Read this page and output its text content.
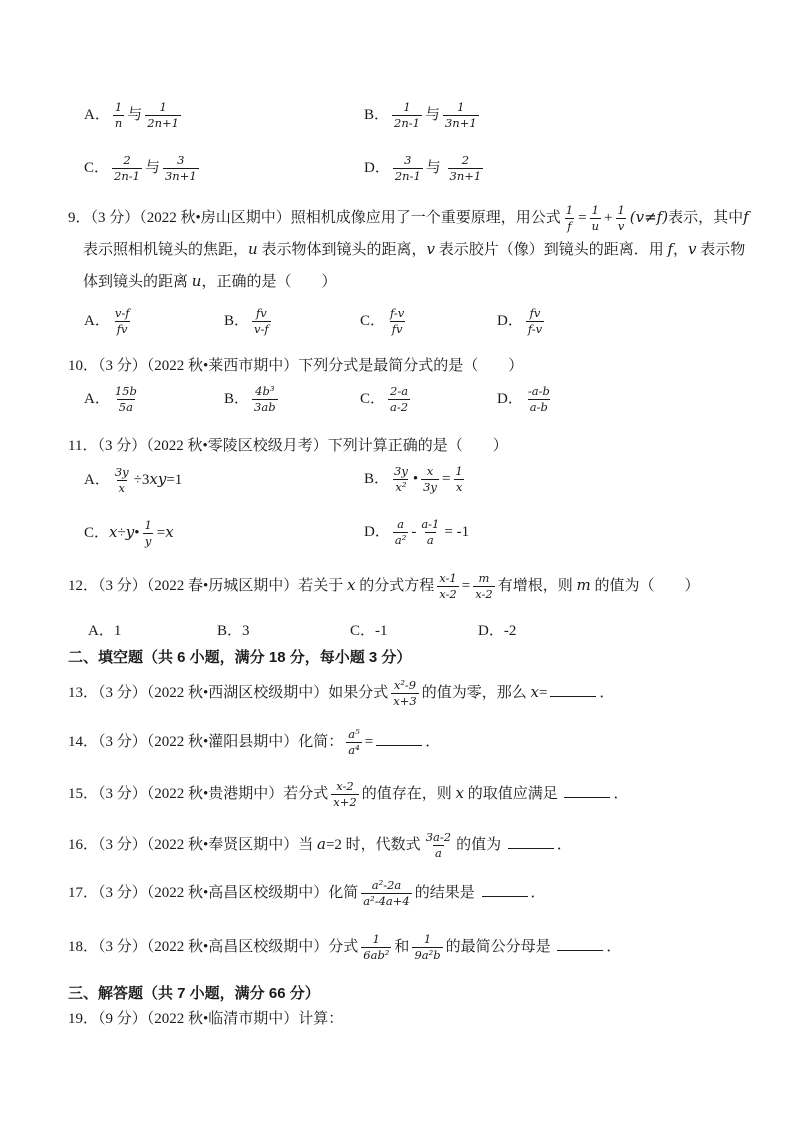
A． $\frac{1}{n}$ 与 $\frac{1}{2n+1}$	B． $\frac{1}{2n-1}$ 与 $\frac{1}{3n+1}$
C． $\frac{2}{2n-1}$ 与 $\frac{3}{3n+1}$	D． $\frac{3}{2n-1}$ 与 $\frac{2}{3n+1}$
9．（3 分）（2022 秋•房山区期中）照相机成像应用了一个重要原理，用公式 $\frac{1}{f} = \frac{1}{u} + \frac{1}{v} (v\ne f)$表示，其中f 表示照相机镜头的焦距，u 表示物体到镜头的距离，v 表示胶片（像）到镜头的距离．用 f，v 表示物体到镜头的距离 u，正确的是（　　）
A． $\frac{v-f}{fv}$	B． $\frac{fv}{v-f}$	C． $\frac{f-v}{fv}$	D． $\frac{fv}{f-v}$
10．（3 分）（2022 秋•莱西市期中）下列分式是最简分式的是（　　）
A． $\frac{15b}{5a}$	B． $\frac{\text{4b³}}{3ab}$	C． $\frac{2-a}{a-2}$	D． $\frac{-a-b}{a-b}$
11．（3 分）（2022 秋•零陵区校级月考）下列计算正确的是（　　）
A． $\frac{3y}{x} \div 3xy=1$	B． $\frac{3y}{\text{x²}}$ • $\frac{x}{3y} = \frac{1}{x}$
C．x÷y• $\frac{1}{y} =x$	D． $\frac{a}{\text{a²}} - \frac{a-1}{a} = -1$
12．（3 分）（2022 春•历城区期中）若关于 x 的分式方程 $\frac{x-1}{x-2} = \frac{m}{x-2}$ 有增根，则 m 的值为（　　）
A．1	B．3	C．-1	D．-2
二、填空题（共 6 小题，满分 18 分，每小题 3 分）
13．（3 分）（2022 秋•西湖区校级期中）如果分式 $\frac{\text{x²-9}}{x+3}$ 的值为零，那么 x=	．
14．（3 分）（2022 秋•灌阳县期中）化简： $\frac{\text{a⁵}}{\text{a⁴}}$ =	．
15．（3 分）（2022 秋•贵港期中）若分式 $\frac{x-2}{x+2}$ 的值存在，则 x 的取值应满足	．
16．（3 分）（2022 秋•奉贤区期中）当 a=2 时，代数式 $\frac{3a-2}{a}$ 的值为	．
17．（3 分）（2022 秋•高昌区校级期中）化简 $\frac{\text{a²-2a}}{\text{a²-4a+4}}$ 的结果是	．
18．（3 分）（2022 秋•高昌区校级期中）分式 $\frac{1}{\text{6ab²}}$ 和 $\frac{1}{\text{9a²b}}$ 的最简公分母是	．
三、解答题（共 7 小题，满分 66 分）
19．（9 分）（2022 秋•临清市期中）计算：
